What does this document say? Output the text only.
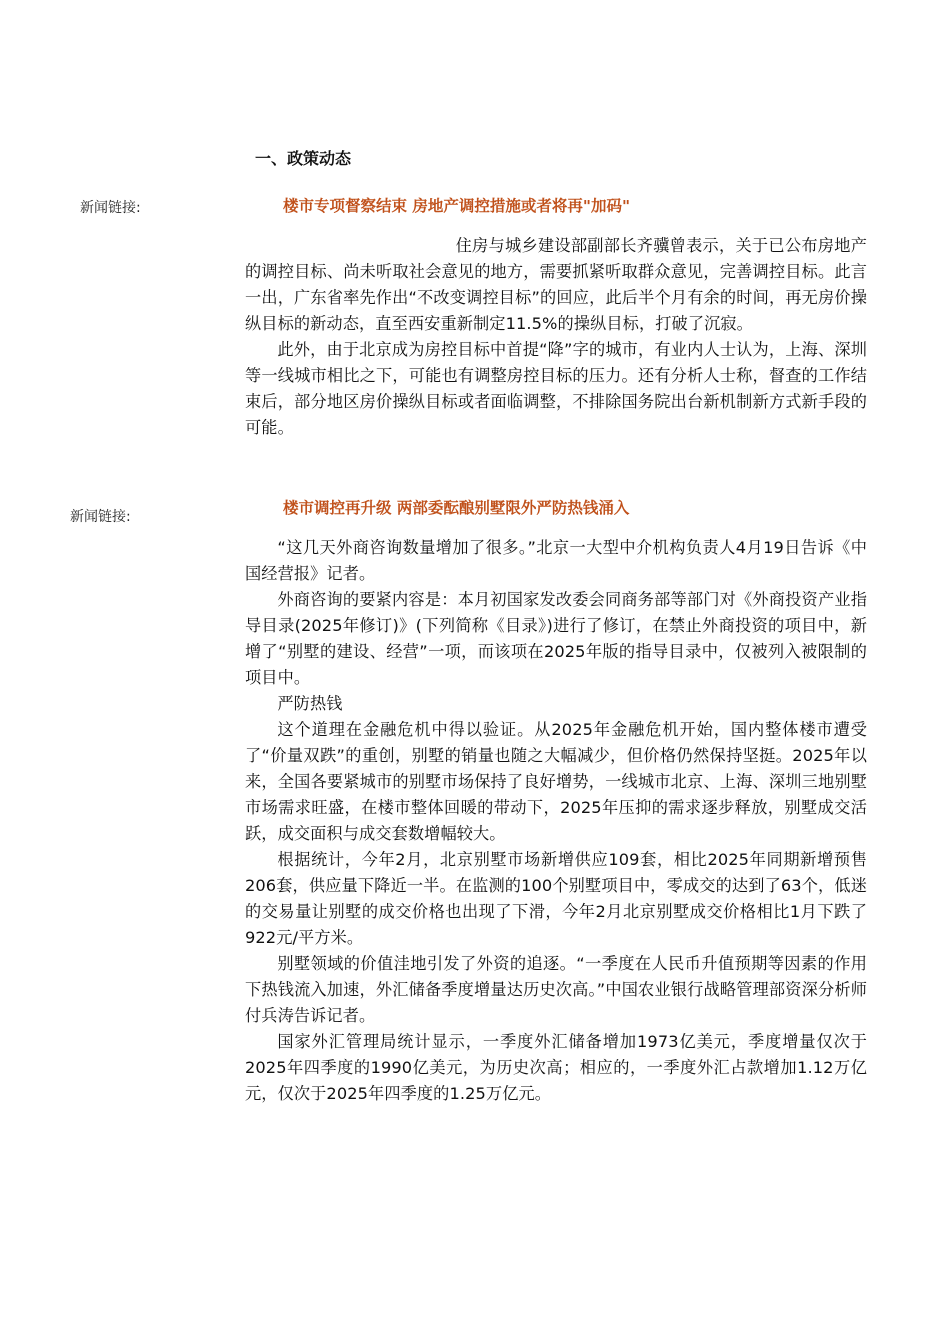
一、政策动态
新闻链接:	楼市专项督察结束 房地产调控措施或者将再"加码"

住房与城乡建设部副部长齐骥曾表示，关于已公布房地产的调控目标、尚未听取社会意见的地方，需要抓紧听取群众意见，完善调控目标。此言一出，广东省率先作出“不改变调控目标”的回应，此后半个月有余的时间，再无房价操纵目标的新动态，直至西安重新制定11.5%的操纵目标，打破了沉寂。

此外，由于北京成为房控目标中首提“降”字的城市，有业内人士认为，上海、深圳等一线城市相比之下，可能也有调整房控目标的压力。还有分析人士称，督查的工作结束后，部分地区房价操纵目标或者面临调整，不排除国务院出台新机制新方式新手段的可能。

新闻链接:	楼市调控再升级 两部委酝酿别墅限外严防热钱涌入

“这几天外商咨询数量增加了很多。”北京一大型中介机构负责人4月19日告诉《中国经营报》记者。

外商咨询的要紧内容是：本月初国家发改委会同商务部等部门对《外商投资产业指导目录(2025年修订)》(下列简称《目录》)进行了修订，在禁止外商投资的项目中，新增了“别墅的建设、经营”一项，而该项在2025年版的指导目录中，仅被列入被限制的项目中。

严防热钱

这个道理在金融危机中得以验证。从2025年金融危机开始，国内整体楼市遭受了“价量双跌”的重创，别墅的销量也随之大幅减少，但价格仍然保持坚挺。2025年以来，全国各要紧城市的别墅市场保持了良好增势，一线城市北京、上海、深圳三地别墅市场需求旺盛，在楼市整体回暖的带动下，2025年压抑的需求逐步释放，别墅成交活跃，成交面积与成交套数增幅较大。

根据统计，今年2月，北京别墅市场新增供应109套，相比2025年同期新增预售206套，供应量下降近一半。在监测的100个别墅项目中，零成交的达到了63个，低迷的交易量让别墅的成交价格也出现了下滑，今年2月北京别墅成交价格相比1月下跌了922元/平方米。

别墅领域的价值洼地引发了外资的追逐。“一季度在人民币升值预期等因素的作用下热钱流入加速，外汇储备季度增量达历史次高。”中国农业银行战略管理部资深分析师付兵涛告诉记者。

国家外汇管理局统计显示，一季度外汇储备增加1973亿美元，季度增量仅次于2025年四季度的1990亿美元，为历史次高；相应的，一季度外汇占款增加1.12万亿元，仅次于2025年四季度的1.25万亿元。
